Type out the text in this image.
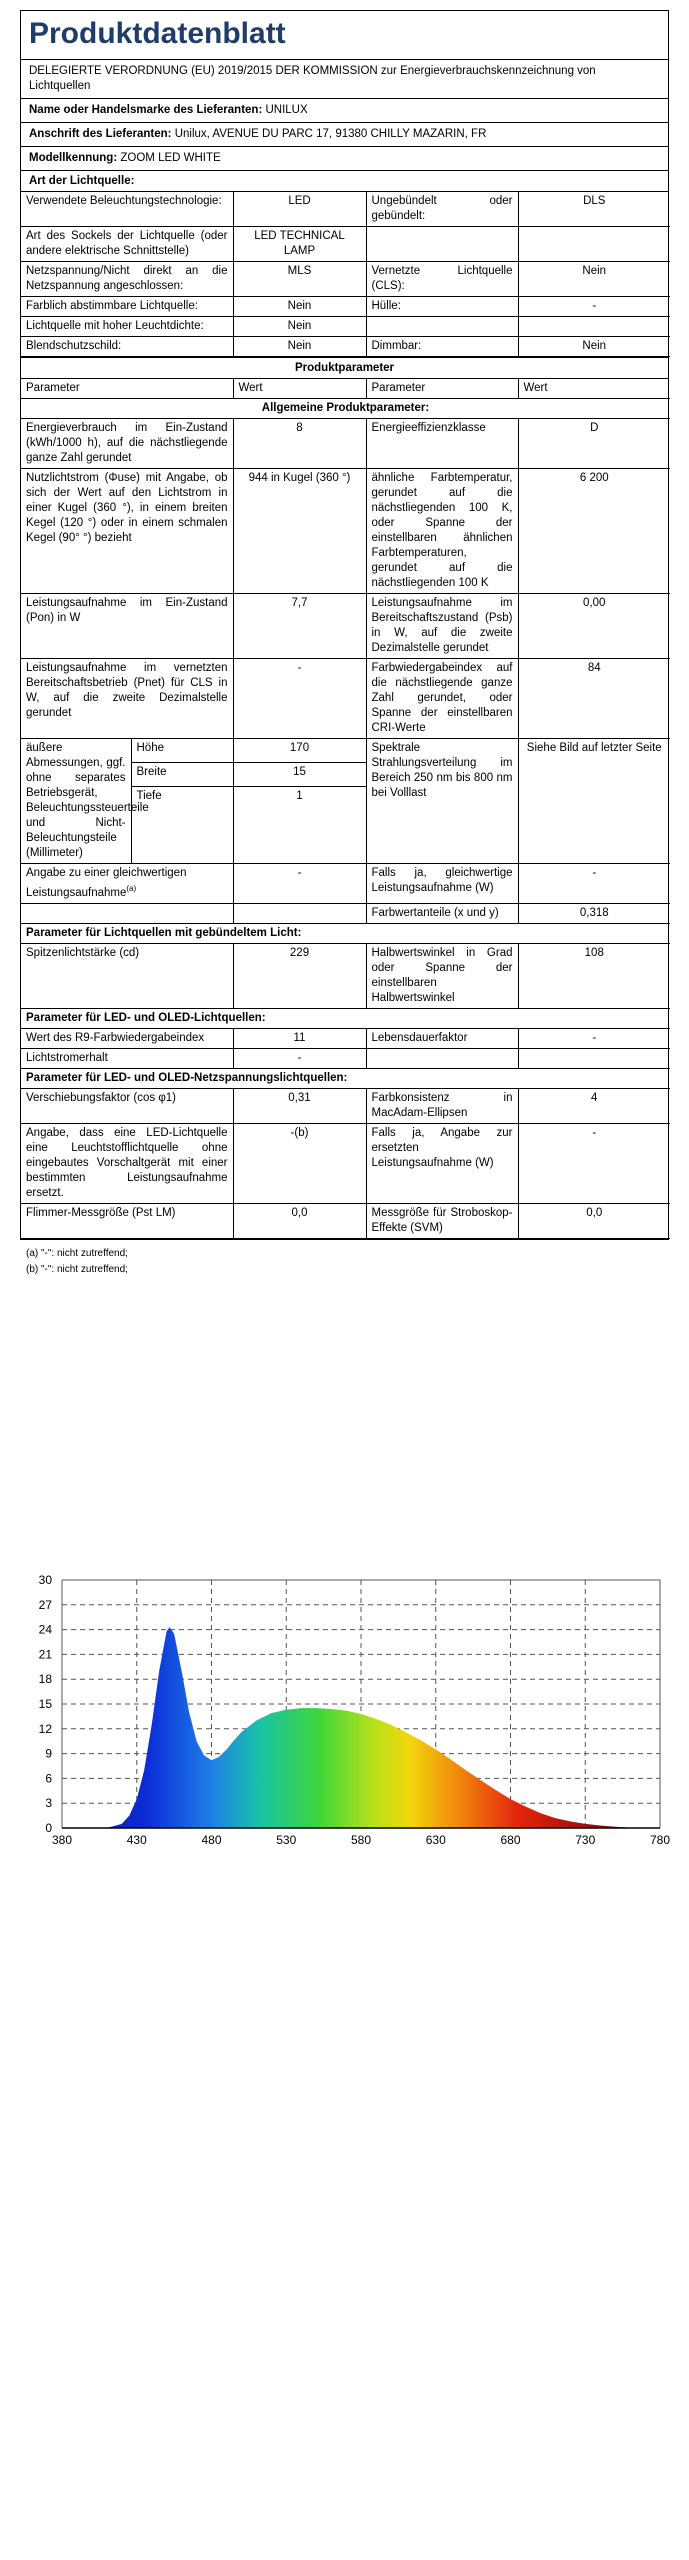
Produktdatenblatt
DELEGIERTE VERORDNUNG (EU) 2019/2015 DER KOMMISSION zur Energieverbrauchskennzeichnung von Lichtquellen
Name oder Handelsmarke des Lieferanten: UNILUX
Anschrift des Lieferanten: Unilux, AVENUE DU PARC 17, 91380 CHILLY MAZARIN, FR
Modellkennung: ZOOM LED WHITE
Art der Lichtquelle:
Verwendete Beleuchtungstechnologie:	LED	Ungebündelt oder gebündelt:	DLS
Art des Sockels der Lichtquelle (oder andere elektrische Schnittstelle)	LED TECHNICAL LAMP		
Netzspannung/Nicht direkt an die Netzspannung angeschlossen:	MLS	Vernetzte Lichtquelle (CLS):	Nein
Farblich abstimmbare Lichtquelle:	Nein	Hülle:	-
Lichtquelle mit hoher Leuchtdichte:	Nein		
Blendschutzschild:	Nein	Dimmbar:	Nein
Produktparameter
Parameter		Wert	Parameter	Wert
Allgemeine Produktparameter:				
Energieverbrauch im Ein-Zustand (kWh/1000 h), auf die nächstliegende ganze Zahl gerundet		8	Energieeffizienzklasse	D
Nutzlichtstrom (Φuse) mit Angabe, ob sich der Wert auf den Lichtstrom in einer Kugel (360 °), in einem breiten Kegel (120 °) oder in einem schmalen Kegel (90° °) bezieht		944 in Kugel (360 °)	ähnliche Farbtemperatur, gerundet auf die nächstliegenden 100 K, oder Spanne der einstellbaren ähnlichen Farbtemperaturen, gerundet auf die nächstliegenden 100 K	6 200
Leistungsaufnahme im Ein-Zustand (Pon) in W		7,7	Leistungsaufnahme im Bereitschaftszustand (Psb) in W, auf die zweite Dezimalstelle gerundet	0,00
Leistungsaufnahme im vernetzten Bereitschaftsbetrieb (Pnet) für CLS in W, auf die zweite Dezimalstelle gerundet		-	Farbwiedergabeindex auf die nächstliegende ganze Zahl gerundet, oder Spanne der einstellbaren CRI-Werte	84
äußere Abmessungen, ggf. ohne separates Betriebsgerät, Beleuchtungssteuerteile und Nicht-Beleuchtungsteile (Millimeter)	Höhe	170	Spektrale Strahlungsverteilung im Bereich 250 nm bis 800 nm bei Volllast	Siehe Bild auf letzter Seite
	Breite	15		
	Tiefe	1		
Angabe zu einer gleichwertigen Leistungsaufnahme$^{(a)}$		-	Falls ja, gleichwertige Leistungsaufnahme (W)	-
			Farbwertanteile (x und y)	0,318
Parameter für Lichtquellen mit gebündeltem Licht:				
Spitzenlichtstärke (cd)		229	Halbwertswinkel in Grad oder Spanne der einstellbaren Halbwertswinkel	108
Parameter für LED- und OLED-Lichtquellen:				
Wert des R9-Farbwiedergabeindex		11	Lebensdauerfaktor	-
Lichtstromerhalt		-		
Parameter für LED- und OLED-Netzspannungslichtquellen:				
Verschiebungsfaktor (cos φ1)		0,31	Farbkonsistenz in MacAdam-Ellipsen	4
Angabe, dass eine LED-Lichtquelle eine Leuchtstofflichtquelle ohne eingebautes Vorschaltgerät mit einer bestimmten Leistungsaufnahme ersetzt.		-(b)	Falls ja, Angabe zur ersetzten Leistungsaufnahme (W)	-
Flimmer-Messgröße (Pst LM)		0,0	Messgröße für Stroboskop-Effekte (SVM)	0,0
(a) "-": nicht zutreffend;
(b) "-": nicht zutreffend;
380	430	480	530	580	630	680	730	780
0
3
6
9
12
15
18
21
24
27
30
